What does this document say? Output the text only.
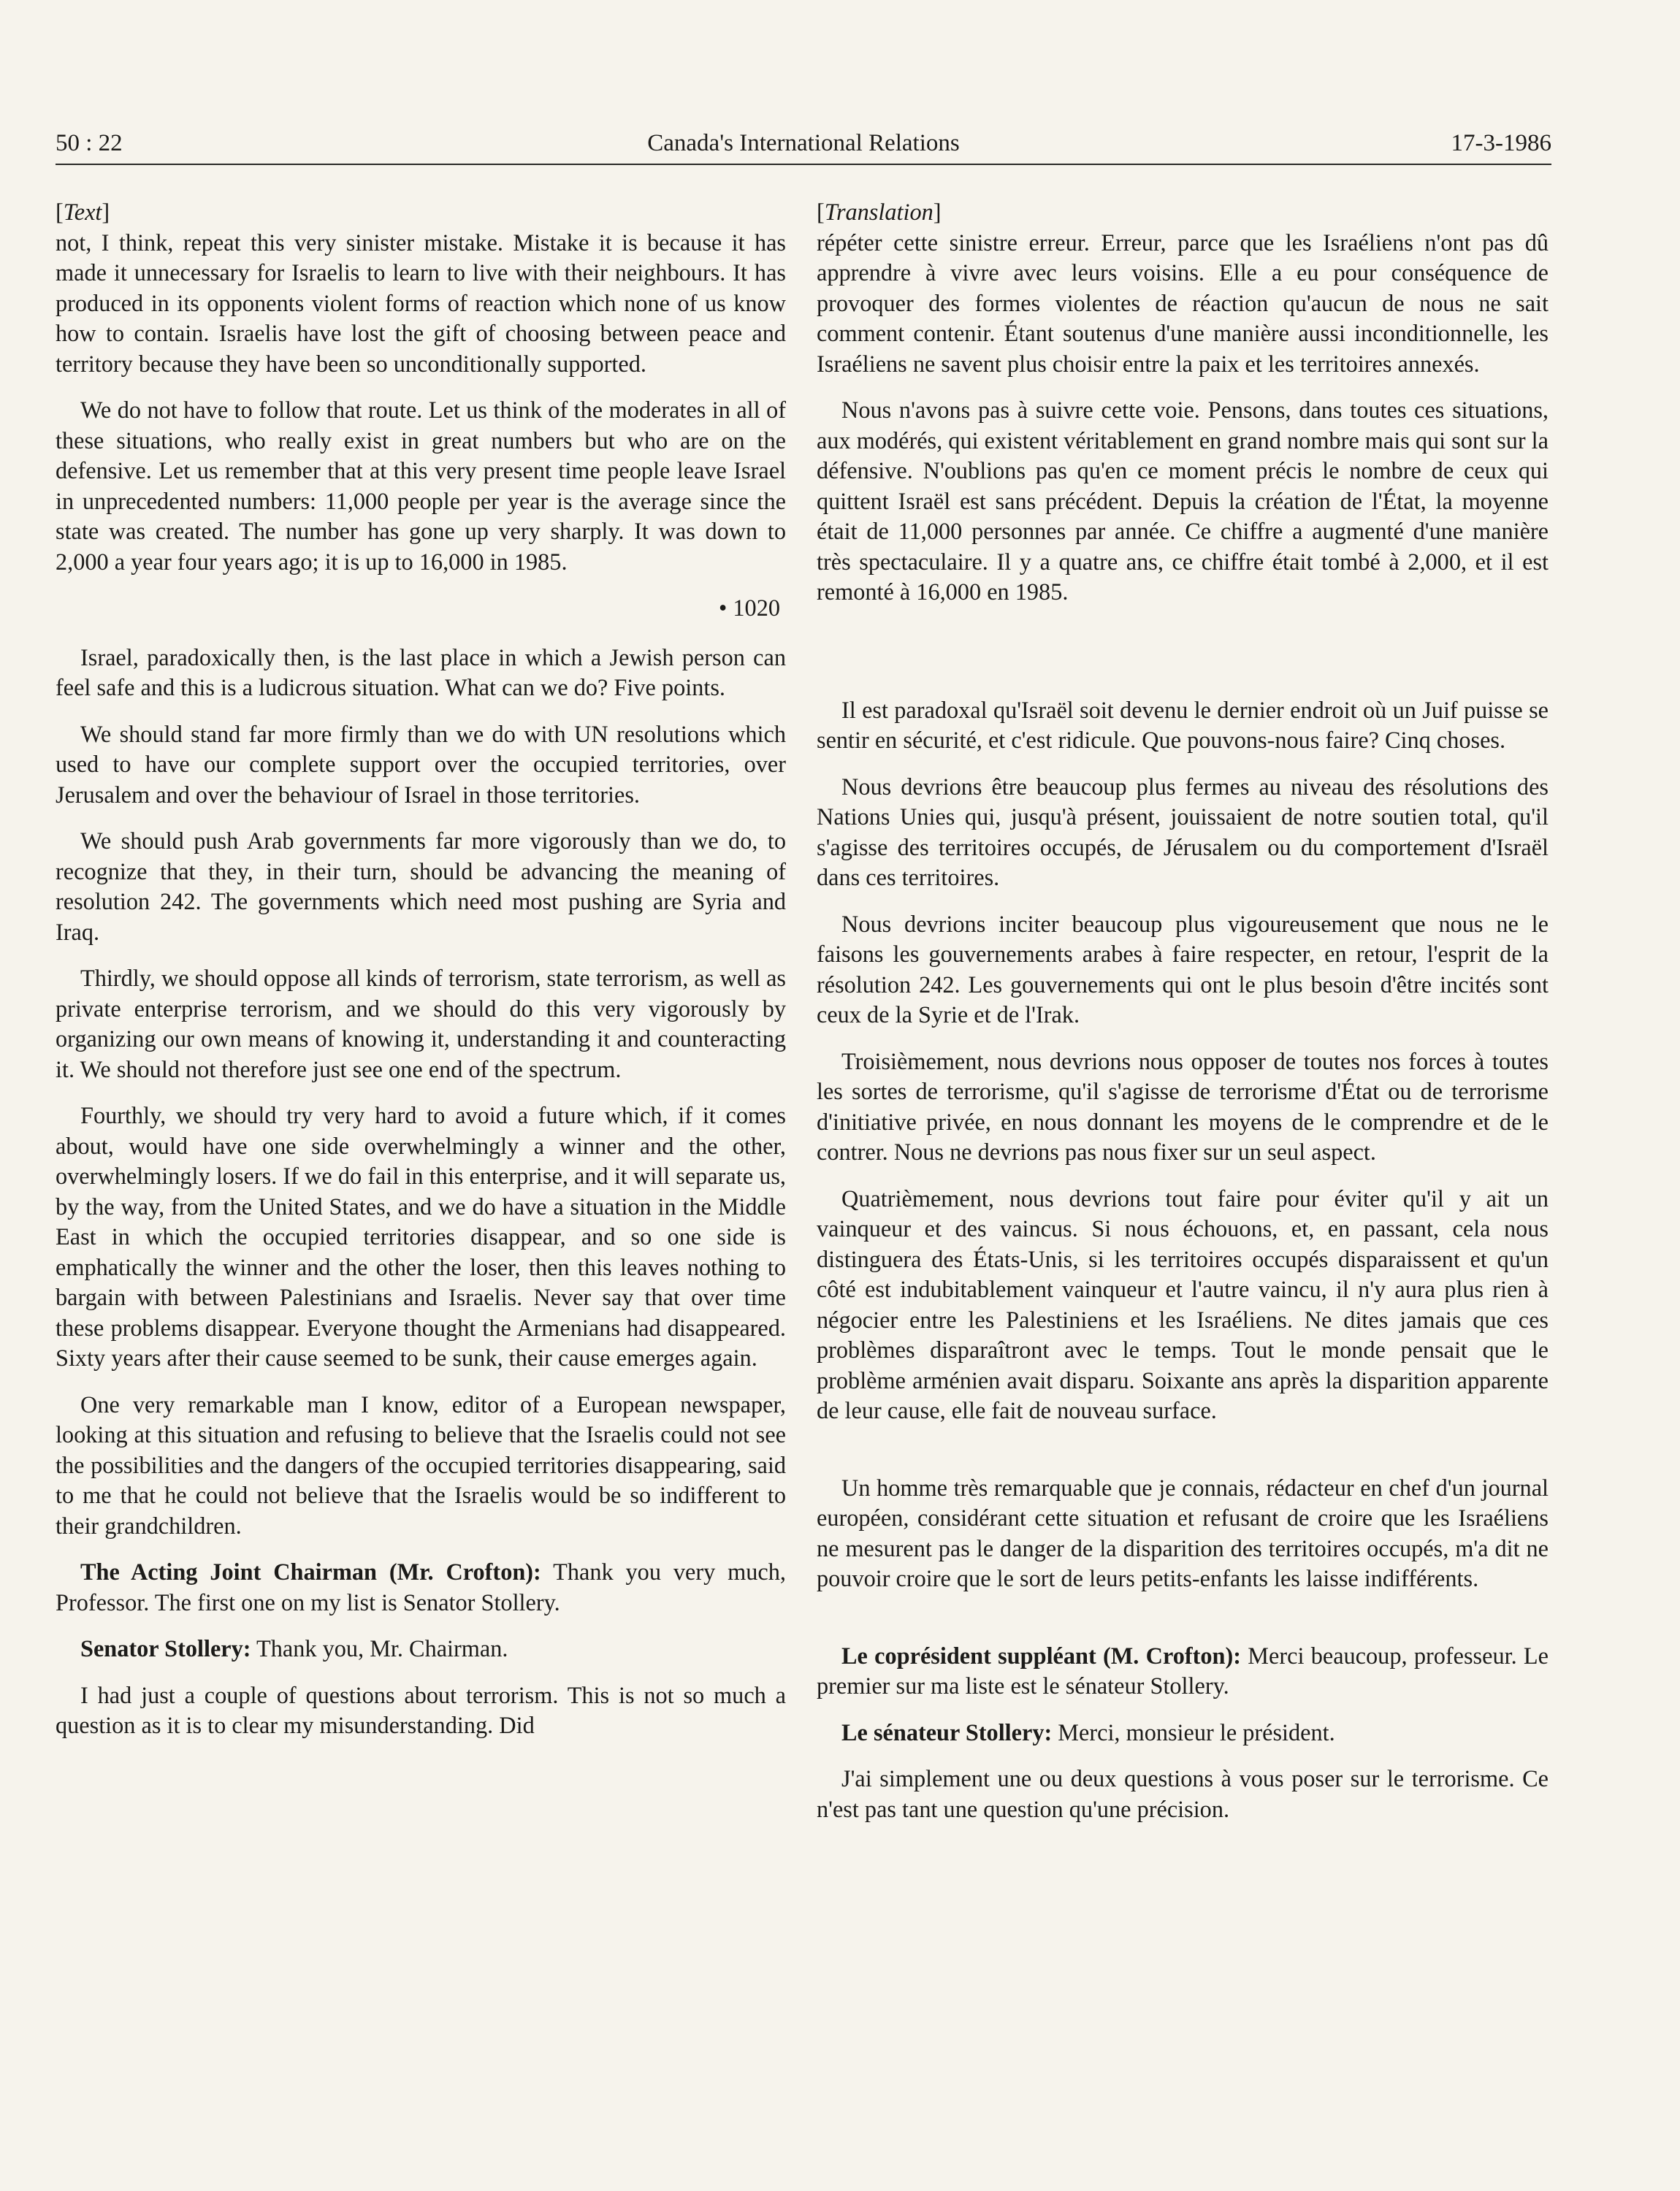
50 : 22	Canada's International Relations	17-3-1986

[Text]

not, I think, repeat this very sinister mistake. Mistake it is because it has made it unnecessary for Israelis to learn to live with their neighbours. It has produced in its opponents violent forms of reaction which none of us know how to contain. Israelis have lost the gift of choosing between peace and territory because they have been so unconditionally supported.

We do not have to follow that route. Let us think of the moderates in all of these situations, who really exist in great numbers but who are on the defensive. Let us remember that at this very present time people leave Israel in unprecedented numbers: 11,000 people per year is the average since the state was created. The number has gone up very sharply. It was down to 2,000 a year four years ago; it is up to 16,000 in 1985.

• 1020

Israel, paradoxically then, is the last place in which a Jewish person can feel safe and this is a ludicrous situation. What can we do? Five points.

We should stand far more firmly than we do with UN resolutions which used to have our complete support over the occupied territories, over Jerusalem and over the behaviour of Israel in those territories.

We should push Arab governments far more vigorously than we do, to recognize that they, in their turn, should be advancing the meaning of resolution 242. The governments which need most pushing are Syria and Iraq.

Thirdly, we should oppose all kinds of terrorism, state terrorism, as well as private enterprise terrorism, and we should do this very vigorously by organizing our own means of knowing it, understanding it and counteracting it. We should not therefore just see one end of the spectrum.

Fourthly, we should try very hard to avoid a future which, if it comes about, would have one side overwhelmingly a winner and the other, overwhelmingly losers. If we do fail in this enterprise, and it will separate us, by the way, from the United States, and we do have a situation in the Middle East in which the occupied territories disappear, and so one side is emphatically the winner and the other the loser, then this leaves nothing to bargain with between Palestinians and Israelis. Never say that over time these problems disappear. Everyone thought the Armenians had disappeared. Sixty years after their cause seemed to be sunk, their cause emerges again.

One very remarkable man I know, editor of a European newspaper, looking at this situation and refusing to believe that the Israelis could not see the possibilities and the dangers of the occupied territories disappearing, said to me that he could not believe that the Israelis would be so indifferent to their grandchildren.

The Acting Joint Chairman (Mr. Crofton): Thank you very much, Professor. The first one on my list is Senator Stollery.

Senator Stollery: Thank you, Mr. Chairman.

I had just a couple of questions about terrorism. This is not so much a question as it is to clear my misunderstanding. Did

[Translation]

répéter cette sinistre erreur. Erreur, parce que les Israéliens n'ont pas dû apprendre à vivre avec leurs voisins. Elle a eu pour conséquence de provoquer des formes violentes de réaction qu'aucun de nous ne sait comment contenir. Étant soutenus d'une manière aussi inconditionnelle, les Israéliens ne savent plus choisir entre la paix et les territoires annexés.

Nous n'avons pas à suivre cette voie. Pensons, dans toutes ces situations, aux modérés, qui existent véritablement en grand nombre mais qui sont sur la défensive. N'oublions pas qu'en ce moment précis le nombre de ceux qui quittent Israël est sans précédent. Depuis la création de l'État, la moyenne était de 11,000 personnes par année. Ce chiffre a augmenté d'une manière très spectaculaire. Il y a quatre ans, ce chiffre était tombé à 2,000, et il est remonté à 16,000 en 1985.

Il est paradoxal qu'Israël soit devenu le dernier endroit où un Juif puisse se sentir en sécurité, et c'est ridicule. Que pouvons-nous faire? Cinq choses.

Nous devrions être beaucoup plus fermes au niveau des résolutions des Nations Unies qui, jusqu'à présent, jouissaient de notre soutien total, qu'il s'agisse des territoires occupés, de Jérusalem ou du comportement d'Israël dans ces territoires.

Nous devrions inciter beaucoup plus vigoureusement que nous ne le faisons les gouvernements arabes à faire respecter, en retour, l'esprit de la résolution 242. Les gouvernements qui ont le plus besoin d'être incités sont ceux de la Syrie et de l'Irak.

Troisièmement, nous devrions nous opposer de toutes nos forces à toutes les sortes de terrorisme, qu'il s'agisse de terrorisme d'État ou de terrorisme d'initiative privée, en nous donnant les moyens de le comprendre et de le contrer. Nous ne devrions pas nous fixer sur un seul aspect.

Quatrièmement, nous devrions tout faire pour éviter qu'il y ait un vainqueur et des vaincus. Si nous échouons, et, en passant, cela nous distinguera des États-Unis, si les territoires occupés disparaissent et qu'un côté est indubitablement vainqueur et l'autre vaincu, il n'y aura plus rien à négocier entre les Palestiniens et les Israéliens. Ne dites jamais que ces problèmes disparaîtront avec le temps. Tout le monde pensait que le problème arménien avait disparu. Soixante ans après la disparition apparente de leur cause, elle fait de nouveau surface.

Un homme très remarquable que je connais, rédacteur en chef d'un journal européen, considérant cette situation et refusant de croire que les Israéliens ne mesurent pas le danger de la disparition des territoires occupés, m'a dit ne pouvoir croire que le sort de leurs petits-enfants les laisse indifférents.

Le coprésident suppléant (M. Crofton): Merci beaucoup, professeur. Le premier sur ma liste est le sénateur Stollery.

Le sénateur Stollery: Merci, monsieur le président.

J'ai simplement une ou deux questions à vous poser sur le terrorisme. Ce n'est pas tant une question qu'une précision.
